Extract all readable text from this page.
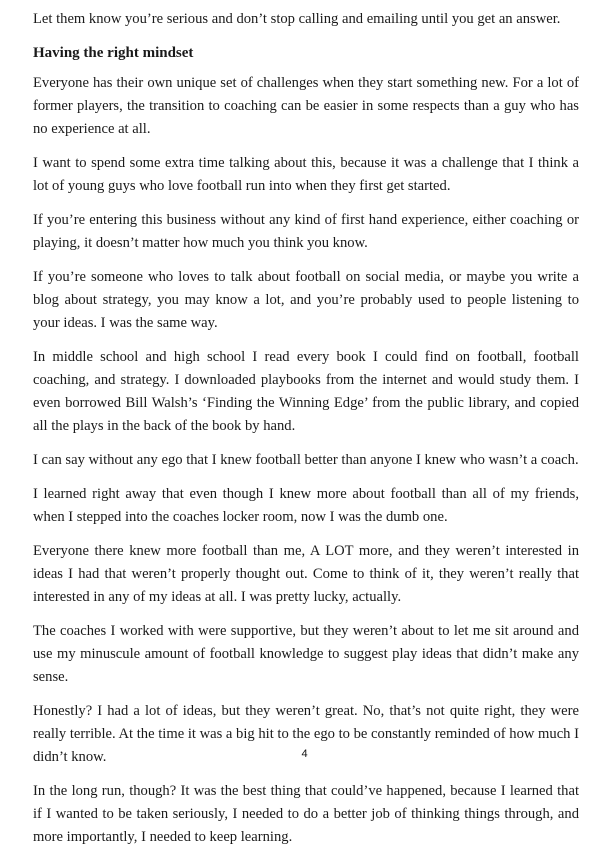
Let them know you’re serious and don’t stop calling and emailing until you get an answer.

Having the right mindset

Everyone has their own unique set of challenges when they start something new. For a lot of former players, the transition to coaching can be easier in some respects than a guy who has no experience at all.

I want to spend some extra time talking about this, because it was a challenge that I think a lot of young guys who love football run into when they first get started.

If you’re entering this business without any kind of first hand experience, either coaching or playing, it doesn’t matter how much you think you know.

If you’re someone who loves to talk about football on social media, or maybe you write a blog about strategy, you may know a lot, and you’re probably used to people listening to your ideas. I was the same way.

In middle school and high school I read every book I could find on football, football coaching, and strategy. I downloaded playbooks from the internet and would study them. I even borrowed Bill Walsh’s ‘Finding the Winning Edge’ from the public library, and copied all the plays in the back of the book by hand.

I can say without any ego that I knew football better than anyone I knew who wasn’t a coach.

I learned right away that even though I knew more about football than all of my friends, when I stepped into the coaches locker room, now I was the dumb one.

Everyone there knew more football than me, A LOT more, and they weren’t interested in ideas I had that weren’t properly thought out. Come to think of it, they weren’t really that interested in any of my ideas at all. I was pretty lucky, actually.

The coaches I worked with were supportive, but they weren’t about to let me sit around and use my minuscule amount of football knowledge to suggest play ideas that didn’t make any sense.

Honestly? I had a lot of ideas, but they weren’t great. No, that’s not quite right, they were really terrible. At the time it was a big hit to the ego to be constantly reminded of how much I didn’t know.

In the long run, though? It was the best thing that could’ve happened, because I learned that if I wanted to be taken seriously, I needed to do a better job of thinking things through, and more importantly, I needed to keep learning.

4
